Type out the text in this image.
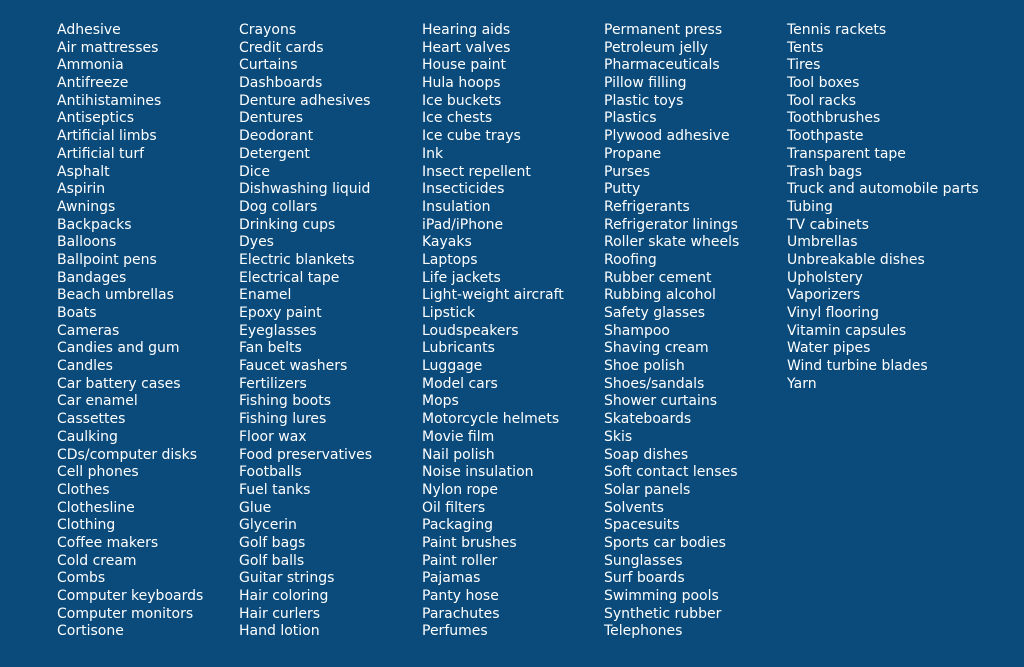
Adhesive
Air mattresses
Ammonia
Antifreeze
Antihistamines
Antiseptics
Artificial limbs
Artificial turf
Asphalt
Aspirin
Awnings
Backpacks
Balloons
Ballpoint pens
Bandages
Beach umbrellas
Boats
Cameras
Candies and gum
Candles
Car battery cases
Car enamel
Cassettes
Caulking
CDs/computer disks
Cell phones
Clothes
Clothesline
Clothing
Coffee makers
Cold cream
Combs
Computer keyboards
Computer monitors
Cortisone
Crayons
Credit cards
Curtains
Dashboards
Denture adhesives
Dentures
Deodorant
Detergent
Dice
Dishwashing liquid
Dog collars
Drinking cups
Dyes
Electric blankets
Electrical tape
Enamel
Epoxy paint
Eyeglasses
Fan belts
Faucet washers
Fertilizers
Fishing boots
Fishing lures
Floor wax
Food preservatives
Footballs
Fuel tanks
Glue
Glycerin
Golf bags
Golf balls
Guitar strings
Hair coloring
Hair curlers
Hand lotion
Hearing aids
Heart valves
House paint
Hula hoops
Ice buckets
Ice chests
Ice cube trays
Ink
Insect repellent
Insecticides
Insulation
iPad/iPhone
Kayaks
Laptops
Life jackets
Light-weight aircraft
Lipstick
Loudspeakers
Lubricants
Luggage
Model cars
Mops
Motorcycle helmets
Movie film
Nail polish
Noise insulation
Nylon rope
Oil filters
Packaging
Paint brushes
Paint roller
Pajamas
Panty hose
Parachutes
Perfumes
Permanent press
Petroleum jelly
Pharmaceuticals
Pillow filling
Plastic toys
Plastics
Plywood adhesive
Propane
Purses
Putty
Refrigerants
Refrigerator linings
Roller skate wheels
Roofing
Rubber cement
Rubbing alcohol
Safety glasses
Shampoo
Shaving cream
Shoe polish
Shoes/sandals
Shower curtains
Skateboards
Skis
Soap dishes
Soft contact lenses
Solar panels
Solvents
Spacesuits
Sports car bodies
Sunglasses
Surf boards
Swimming pools
Synthetic rubber
Telephones
Tennis rackets
Tents
Tires
Tool boxes
Tool racks
Toothbrushes
Toothpaste
Transparent tape
Trash bags
Truck and automobile parts
Tubing
TV cabinets
Umbrellas
Unbreakable dishes
Upholstery
Vaporizers
Vinyl flooring
Vitamin capsules
Water pipes
Wind turbine blades
Yarn
